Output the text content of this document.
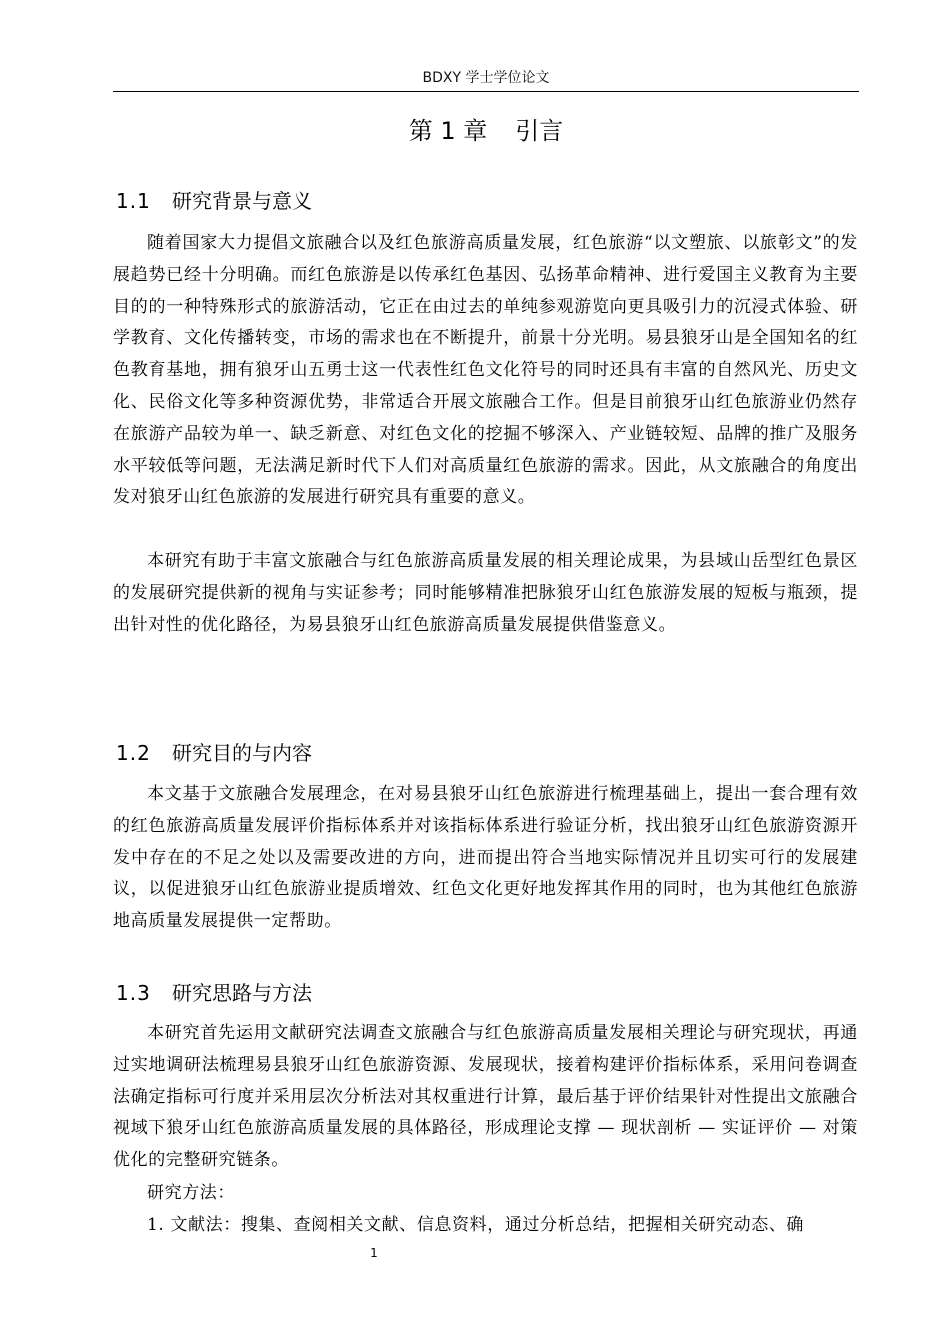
BDXY 学士学位论文
第 1 章 引言
1.1 研究背景与意义

随着国家大力提倡文旅融合以及红色旅游高质量发展，红色旅游“以文塑旅、以旅彰文”的发展趋势已经十分明确。而红色旅游是以传承红色基因、弘扬革命精神、进行爱国主义教育为主要目的的一种特殊形式的旅游活动，它正在由过去的单纯参观游览向更具吸引力的沉浸式体验、研学教育、文化传播转变，市场的需求也在不断提升，前景十分光明。易县狼牙山是全国知名的红色教育基地，拥有狼牙山五勇士这一代表性红色文化符号的同时还具有丰富的自然风光、历史文化、民俗文化等多种资源优势，非常适合开展文旅融合工作。但是目前狼牙山红色旅游业仍然存在旅游产品较为单一、缺乏新意、对红色文化的挖掘不够深入、产业链较短、品牌的推广及服务水平较低等问题，无法满足新时代下人们对高质量红色旅游的需求。因此，从文旅融合的角度出发对狼牙山红色旅游的发展进行研究具有重要的意义。

本研究有助于丰富文旅融合与红色旅游高质量发展的相关理论成果，为县域山岳型红色景区的发展研究提供新的视角与实证参考；同时能够精准把脉狼牙山红色旅游发展的短板与瓶颈，提出针对性的优化路径，为易县狼牙山红色旅游高质量发展提供借鉴意义。

1.2 研究目的与内容

本文基于文旅融合发展理念，在对易县狼牙山红色旅游进行梳理基础上，提出一套合理有效的红色旅游高质量发展评价指标体系并对该指标体系进行验证分析，找出狼牙山红色旅游资源开发中存在的不足之处以及需要改进的方向，进而提出符合当地实际情况并且切实可行的发展建议，以促进狼牙山红色旅游业提质增效、红色文化更好地发挥其作用的同时，也为其他红色旅游地高质量发展提供一定帮助。

1.3 研究思路与方法

本研究首先运用文献研究法调查文旅融合与红色旅游高质量发展相关理论与研究现状，再通过实地调研法梳理易县狼牙山红色旅游资源、发展现状，接着构建评价指标体系，采用问卷调查法确定指标可行度并采用层次分析法对其权重进行计算，最后基于评价结果针对性提出文旅融合视域下狼牙山红色旅游高质量发展的具体路径，形成理论支撑 — 现状剖析 — 实证评价 — 对策优化的完整研究链条。

研究方法：

1. 文献法：搜集、查阅相关文献、信息资料，通过分析总结，把握相关研究动态、确

1
